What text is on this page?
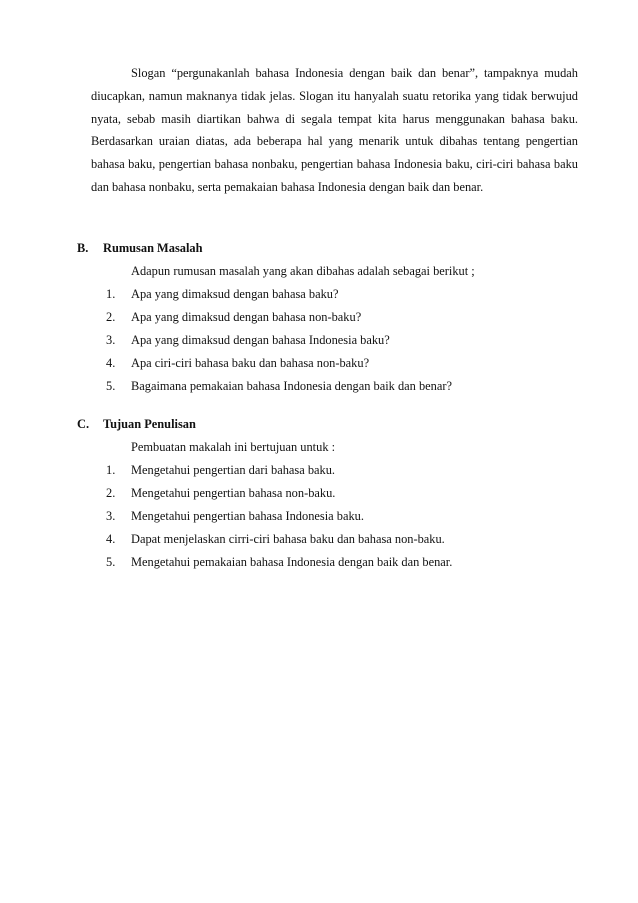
Slogan “pergunakanlah bahasa Indonesia dengan baik dan benar”, tampaknya mudah diucapkan, namun maknanya tidak jelas. Slogan itu hanyalah suatu retorika yang tidak berwujud nyata, sebab masih diartikan bahwa di segala tempat kita harus menggunakan bahasa baku. Berdasarkan uraian diatas, ada beberapa hal yang menarik untuk dibahas tentang pengertian bahasa baku, pengertian bahasa nonbaku, pengertian bahasa Indonesia baku, ciri-ciri bahasa baku dan bahasa nonbaku, serta pemakaian bahasa Indonesia dengan baik dan benar.

B. Rumusan Masalah

Adapun rumusan masalah yang akan dibahas adalah sebagai berikut ;

1. Apa yang dimaksud dengan bahasa baku?
2. Apa yang dimaksud dengan bahasa non-baku?
3. Apa yang dimaksud dengan bahasa Indonesia baku?
4. Apa ciri-ciri bahasa baku dan bahasa non-baku?
5. Bagaimana pemakaian bahasa Indonesia dengan baik dan benar?
C. Tujuan Penulisan

Pembuatan makalah ini bertujuan untuk :

1. Mengetahui pengertian dari bahasa baku.
2. Mengetahui pengertian bahasa non-baku.
3. Mengetahui pengertian bahasa Indonesia baku.
4. Dapat menjelaskan cirri-ciri bahasa baku dan bahasa non-baku.
5. Mengetahui pemakaian bahasa Indonesia dengan baik dan benar.
